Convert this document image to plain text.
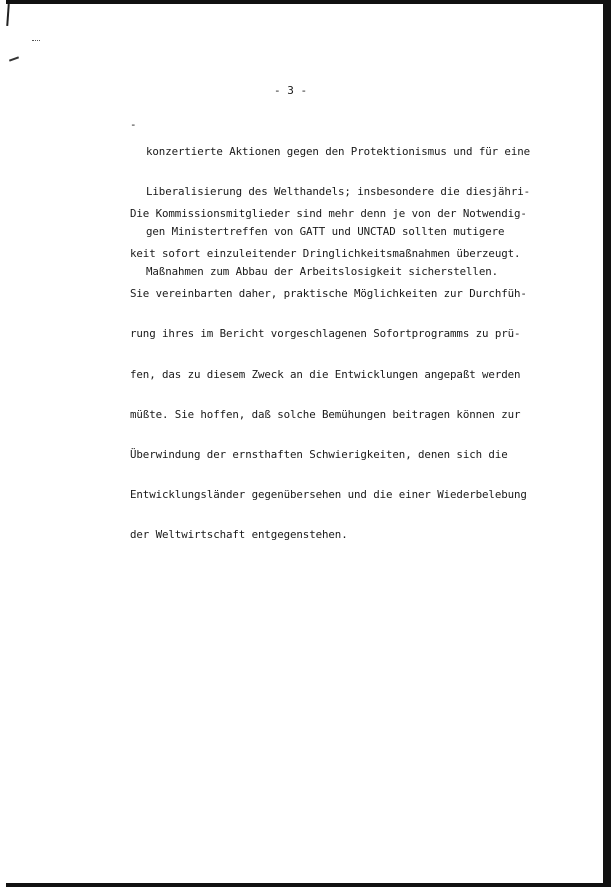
- 3 -
-

konzertierte Aktionen gegen den Protektionismus und für eine

Liberalisierung des Welthandels; insbesondere die diesjähri-

gen Ministertreffen von GATT und UNCTAD sollten mutigere

Maßnahmen zum Abbau der Arbeitslosigkeit sicherstellen.

Die Kommissionsmitglieder sind mehr denn je von der Notwendig-

keit sofort einzuleitender Dringlichkeitsmaßnahmen überzeugt.

Sie vereinbarten daher, praktische Möglichkeiten zur Durchfüh-

rung ihres im Bericht vorgeschlagenen Sofortprogramms zu prü-

fen, das zu diesem Zweck an die Entwicklungen angepaßt werden

müßte. Sie hoffen, daß solche Bemühungen beitragen können zur

Überwindung der ernsthaften Schwierigkeiten, denen sich die

Entwicklungsländer gegenübersehen und die einer Wiederbelebung

der Weltwirtschaft entgegenstehen.
